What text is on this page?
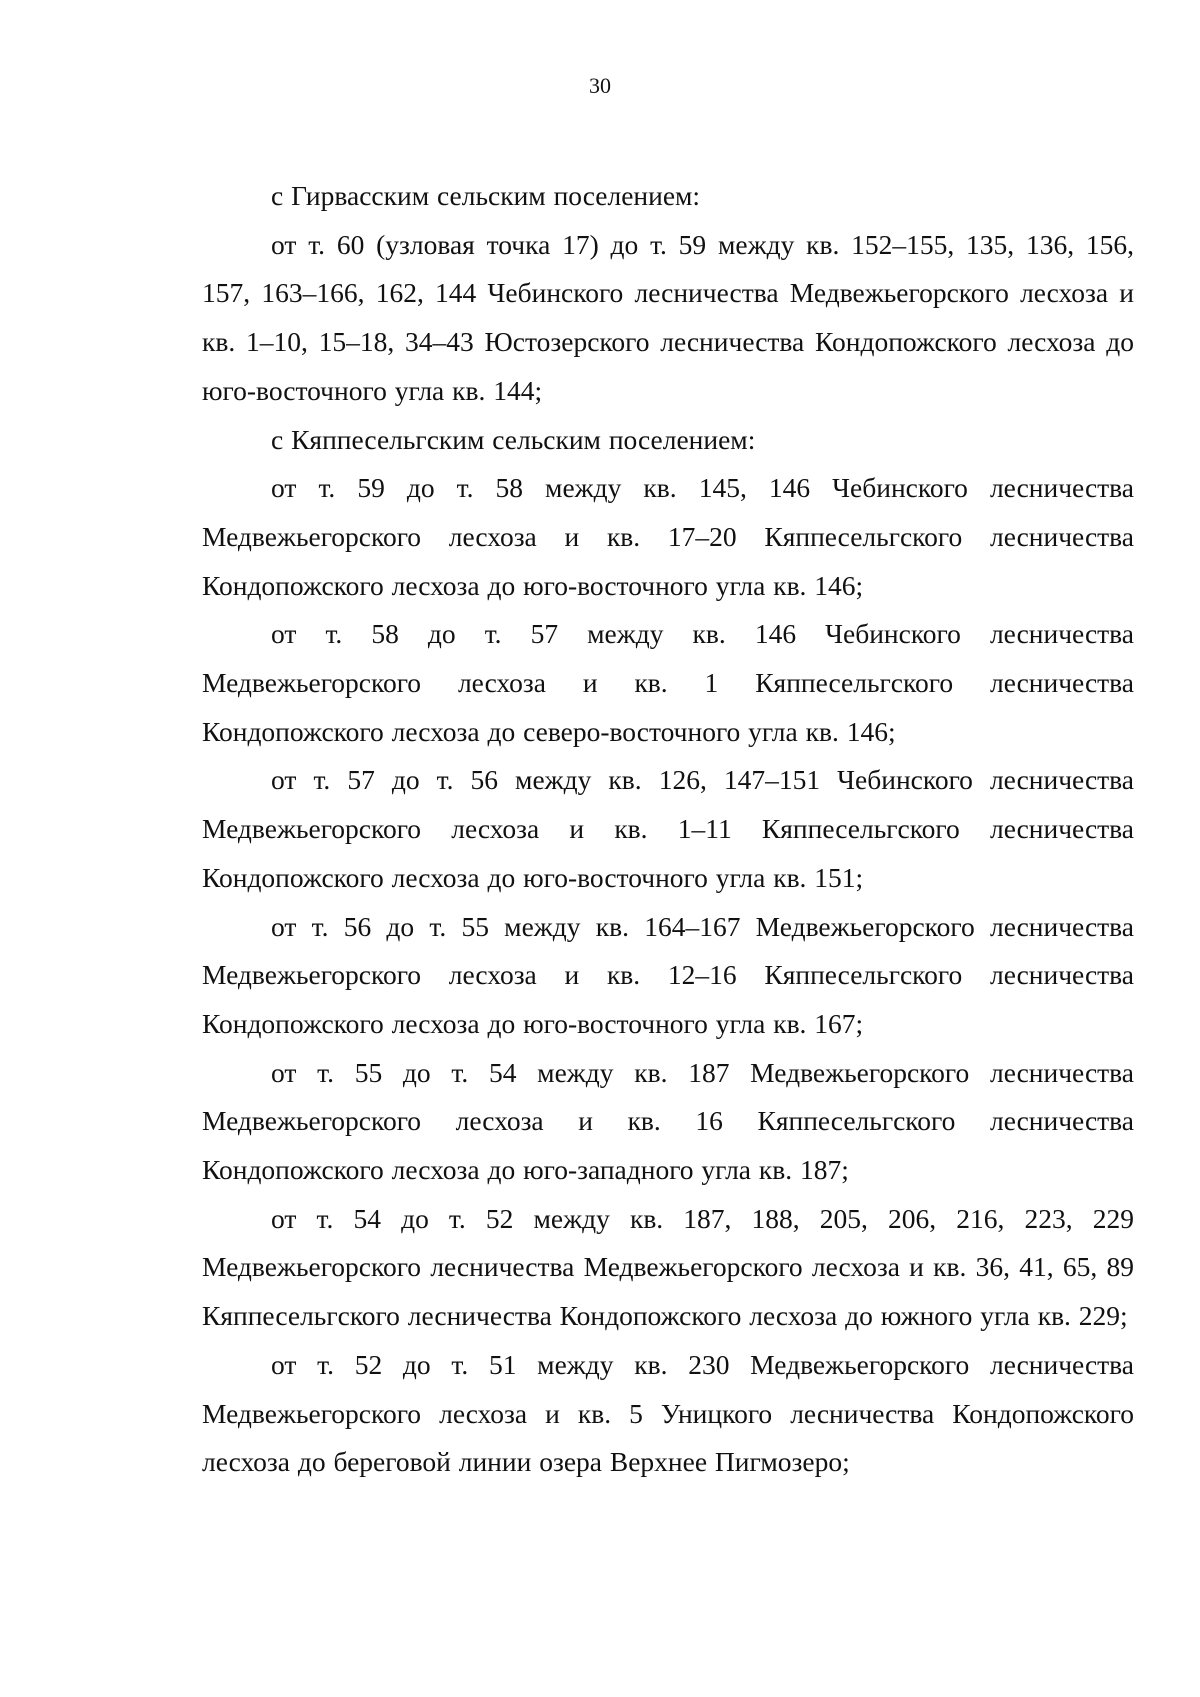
30

с Гирвасским сельским поселением:

от т. 60 (узловая точка 17) до т. 59 между кв. 152–155, 135, 136, 156, 157, 163–166, 162, 144 Чебинского лесничества Медвежьегорского лесхоза и кв. 1–10, 15–18, 34–43 Юстозерского лесничества Кондопожского лесхоза до юго-восточного угла кв. 144;

с Кяппесельгским сельским поселением:

от т. 59 до т. 58 между кв. 145, 146 Чебинского лесничества Медвежьегорского лесхоза и кв. 17–20 Кяппесельгского лесничества Кондопожского лесхоза до юго-восточного угла кв. 146;

от т. 58 до т. 57 между кв. 146 Чебинского лесничества Медвежьегорского лесхоза и кв. 1 Кяппесельгского лесничества Кондопожского лесхоза до северо-восточного угла кв. 146;

от т. 57 до т. 56 между кв. 126, 147–151 Чебинского лесничества Медвежьегорского лесхоза и кв. 1–11 Кяппесельгского лесничества Кондопожского лесхоза до юго-восточного угла кв. 151;

от т. 56 до т. 55 между кв. 164–167 Медвежьегорского лесничества Медвежьегорского лесхоза и кв. 12–16 Кяппесельгского лесничества Кондопожского лесхоза до юго-восточного угла кв. 167;

от т. 55 до т. 54 между кв. 187 Медвежьегорского лесничества Медвежьегорского лесхоза и кв. 16 Кяппесельгского лесничества Кондопожского лесхоза до юго-западного угла кв. 187;

от т. 54 до т. 52 между кв. 187, 188, 205, 206, 216, 223, 229 Медвежьегорского лесничества Медвежьегорского лесхоза и кв. 36, 41, 65, 89 Кяппесельгского лесничества Кондопожского лесхоза до южного угла кв. 229;

от т. 52 до т. 51 между кв. 230 Медвежьегорского лесничества Медвежьегорского лесхоза и кв. 5 Уницкого лесничества Кондопожского лесхоза до береговой линии озера Верхнее Пигмозеро;
